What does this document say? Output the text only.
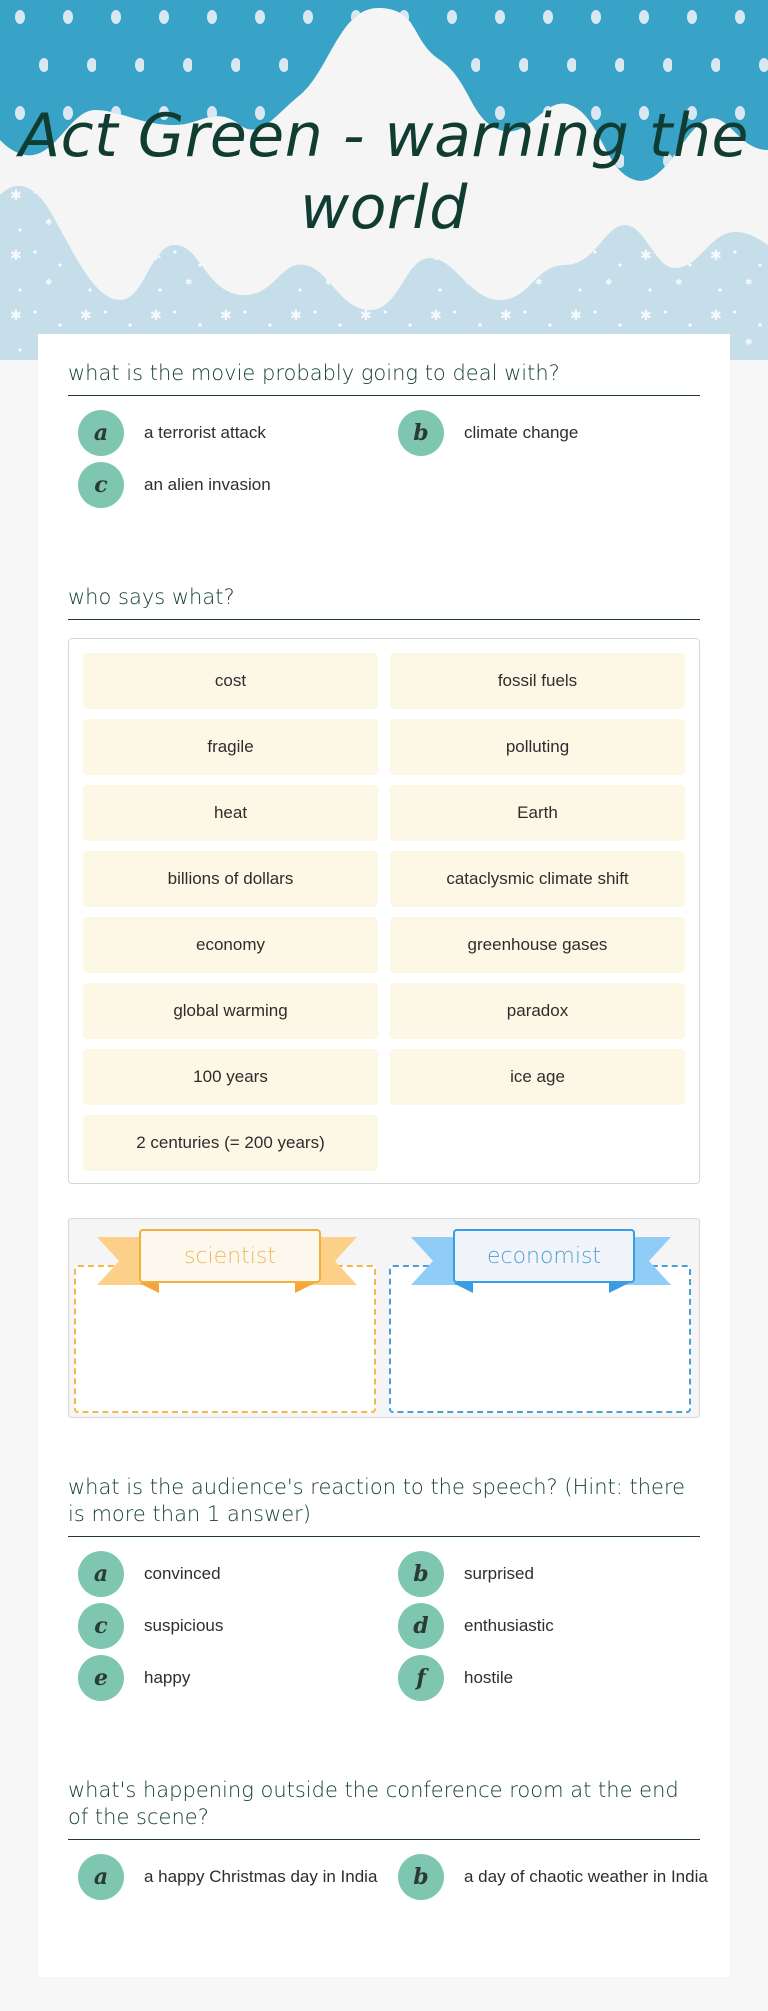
Act Green - warning the world
what is the movie probably going to deal with?
a	a terrorist attack	b	climate change
c	an alien invasion
who says what?
cost	fossil fuels
fragile	polluting
heat	Earth
billions of dollars	cataclysmic climate shift
economy	greenhouse gases
global warming	paradox
100 years	ice age
2 centuries (= 200 years)
scientist	economist
what is the audience's reaction to the speech? (Hint: there is more than 1 answer)
a	convinced	b	surprised
c	suspicious	d	enthusiastic
e	happy	f	hostile
what's happening outside the conference room at the end of the scene?
a	a happy Christmas day in India	b	a day of chaotic weather in India
